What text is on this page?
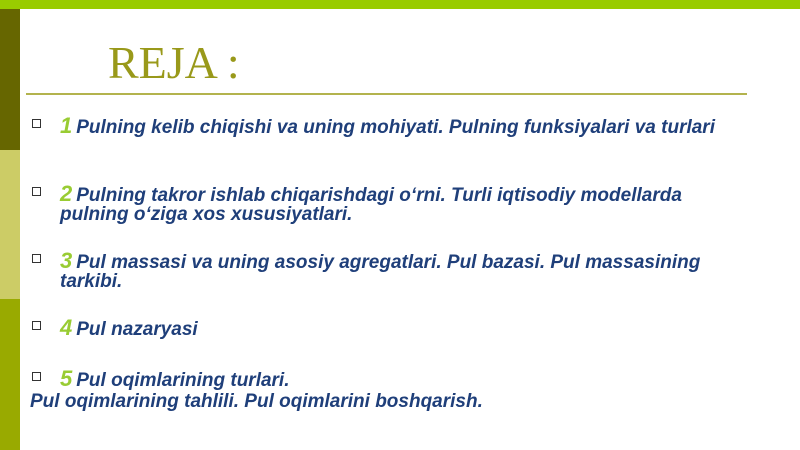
REJA :
1 Pulning kelib chiqishi va uning mohiyati. Pulning funksiyalari va turlari
2 Pulning takror ishlab chiqarishdagi o‘rni. Turli iqtisodiy modellarda pulning o‘ziga xos xususiyatlari.
3 Pul massasi va uning asosiy agregatlari. Pul bazasi. Pul massasining tarkibi.
4 Pul nazaryasi
5 Pul oqimlarining turlari.
Pul oqimlarining tahlili. Pul oqimlarini boshqarish.
